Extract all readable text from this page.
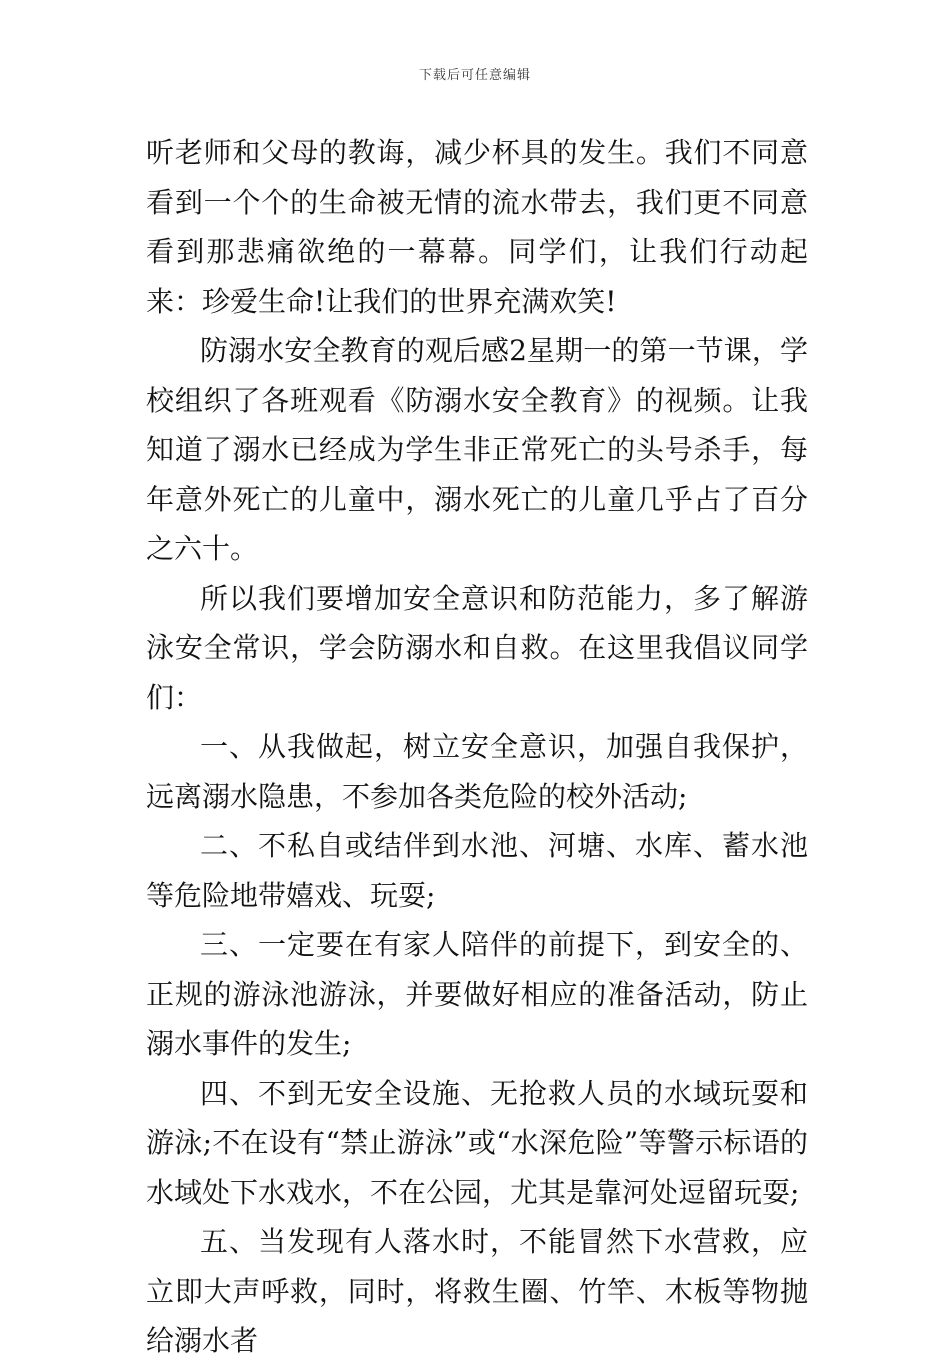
下载后可任意编辑

听老师和父母的教诲，减少杯具的发生。我们不同意看到一个个的生命被无情的流水带去，我们更不同意看到那悲痛欲绝的一幕幕。同学们，让我们行动起来：珍爱生命!让我们的世界充满欢笑!

防溺水安全教育的观后感2星期一的第一节课，学校组织了各班观看《防溺水安全教育》的视频。让我知道了溺水已经成为学生非正常死亡的头号杀手，每年意外死亡的儿童中，溺水死亡的儿童几乎占了百分之六十。

所以我们要增加安全意识和防范能力，多了解游泳安全常识，学会防溺水和自救。在这里我倡议同学们：

一、从我做起，树立安全意识，加强自我保护，远离溺水隐患，不参加各类危险的校外活动;

二、不私自或结伴到水池、河塘、水库、蓄水池等危险地带嬉戏、玩耍;

三、一定要在有家人陪伴的前提下，到安全的、正规的游泳池游泳，并要做好相应的准备活动，防止溺水事件的发生;

四、不到无安全设施、无抢救人员的水域玩耍和游泳;不在设有“禁止游泳”或“水深危险”等警示标语的水域处下水戏水，不在公园，尤其是靠河处逗留玩耍;

五、当发现有人落水时，不能冒然下水营救，应立即大声呼救，同时，将救生圈、竹竿、木板等物抛给溺水者
